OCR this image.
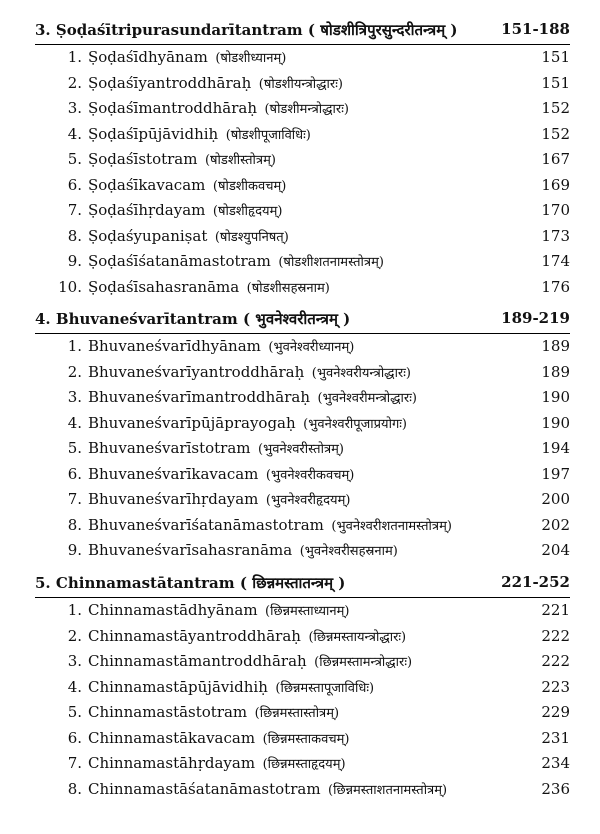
3. Ṣoḍaśītripurasundarītantram ( षोडशीत्रिपुरसुन्दरीतन्त्रम् )	151-188
1. Ṣoḍaśīdhyānam  (षोडशीध्यानम्)	151
2. Ṣoḍaśīyantroddhāraḥ  (षोडशीयन्त्रोद्धारः)	151
3. Ṣoḍaśīmantroddhāraḥ  (षोडशीमन्त्रोद्धारः)	152
4. Ṣoḍaśīpūjāvidhiḥ  (षोडशीपूजाविधिः)	152
5. Ṣoḍaśīstotram  (षोडशीस्तोत्रम्)	167
6. Ṣoḍaśīkavacam  (षोडशीकवचम्)	169
7. Ṣoḍaśīhṛdayam  (षोडशीहृदयम्)	170
8. Ṣoḍaśyupaniṣat  (षोडश्युपनिषत्)	173
9. Ṣoḍaśīśatanāmastotram  (षोडशीशतनामस्तोत्रम्)	174
10. Ṣoḍaśīsahasranāma  (षोडशीसहस्रनाम)	176
4. Bhuvaneśvarītantram ( भुवनेश्वरीतन्त्रम् )	189-219
1. Bhuvaneśvarīdhyānam  (भुवनेश्वरीध्यानम्)	189
2. Bhuvaneśvarīyantroddhāraḥ  (भुवनेश्वरीयन्त्रोद्धारः)	189
3. Bhuvaneśvarīmantroddhāraḥ  (भुवनेश्वरीमन्त्रोद्धारः)	190
4. Bhuvaneśvarīpūjāprayogaḥ  (भुवनेश्वरीपूजाप्रयोगः)	190
5. Bhuvaneśvarīstotram  (भुवनेश्वरीस्तोत्रम्)	194
6. Bhuvaneśvarīkavacam  (भुवनेश्वरीकवचम्)	197
7. Bhuvaneśvarīhṛdayam  (भुवनेश्वरीहृदयम्)	200
8. Bhuvaneśvarīśatanāmastotram  (भुवनेश्वरीशतनामस्तोत्रम्)	202
9. Bhuvaneśvarīsahasranāma  (भुवनेश्वरीसहस्रनाम)	204
5. Chinnamastātantram ( छिन्नमस्तातन्त्रम् )	221-252
1. Chinnamastādhyānam  (छिन्नमस्ताध्यानम्)	221
2. Chinnamastāyantroddhāraḥ  (छिन्नमस्तायन्त्रोद्धारः)	222
3. Chinnamastāmantroddhāraḥ  (छिन्नमस्तामन्त्रोद्धारः)	222
4. Chinnamastāpūjāvidhiḥ  (छिन्नमस्तापूजाविधिः)	223
5. Chinnamastāstotram  (छिन्नमस्तास्तोत्रम्)	229
6. Chinnamastākavacam  (छिन्नमस्ताकवचम्)	231
7. Chinnamastāhṛdayam  (छिन्नमस्ताहृदयम्)	234
8. Chinnamastāśatanāmastotram  (छिन्नमस्ताशतनामस्तोत्रम्)	236
